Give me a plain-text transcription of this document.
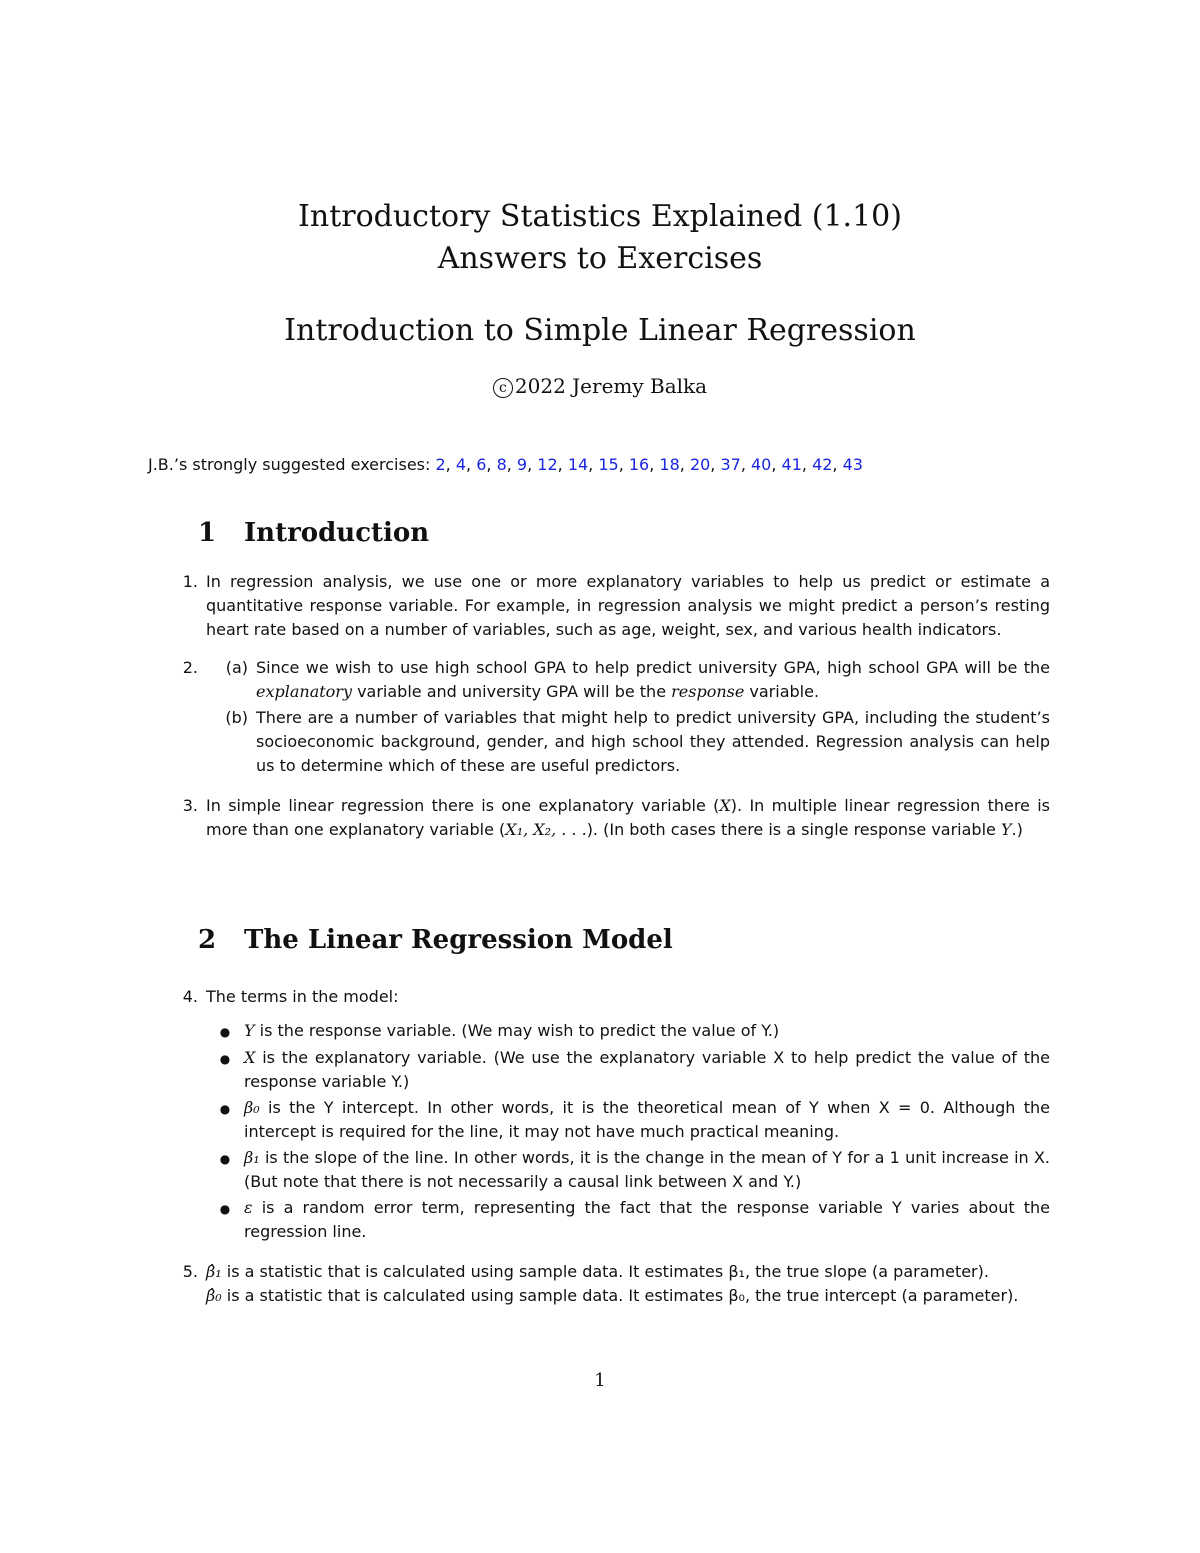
Introductory Statistics Explained (1.10)
Answers to Exercises
Introduction to Simple Linear Regression
c 2022 Jeremy Balka
J.B.’s strongly suggested exercises: 2, 4, 6, 8, 9, 12, 14, 15, 16, 18, 20, 37, 40, 41, 42, 43
1 Introduction
1. In regression analysis, we use one or more explanatory variables to help us predict or estimate a quantitative response variable. For example, in regression analysis we might predict a person’s resting heart rate based on a number of variables, such as age, weight, sex, and various health indicators.
2.	(a) Since we wish to use high school GPA to help predict university GPA, high school GPA will be the explanatory variable and university GPA will be the response variable.
(b) There are a number of variables that might help to predict university GPA, including the student’s socioeconomic background, gender, and high school they attended. Regression analysis can help us to determine which of these are useful predictors.
3. In simple linear regression there is one explanatory variable (X). In multiple linear regression there is more than one explanatory variable (X₁, X₂, . . .). (In both cases there is a single response variable Y.)
2 The Linear Regression Model
4. The terms in the model:
● Y is the response variable. (We may wish to predict the value of Y.)
● X is the explanatory variable. (We use the explanatory variable X to help predict the value of the response variable Y.)
● β₀ is the Y intercept. In other words, it is the theoretical mean of Y when X = 0. Although the intercept is required for the line, it may not have much practical meaning.
● β₁ is the slope of the line. In other words, it is the change in the mean of Y for a 1 unit increase in X. (But note that there is not necessarily a causal link between X and Y.)
● ε is a random error term, representing the fact that the response variable Y varies about the regression line.
5. β̂₁ is a statistic that is calculated using sample data. It estimates β₁, the true slope (a parameter).
β̂₀ is a statistic that is calculated using sample data. It estimates β₀, the true intercept (a parameter).
1
